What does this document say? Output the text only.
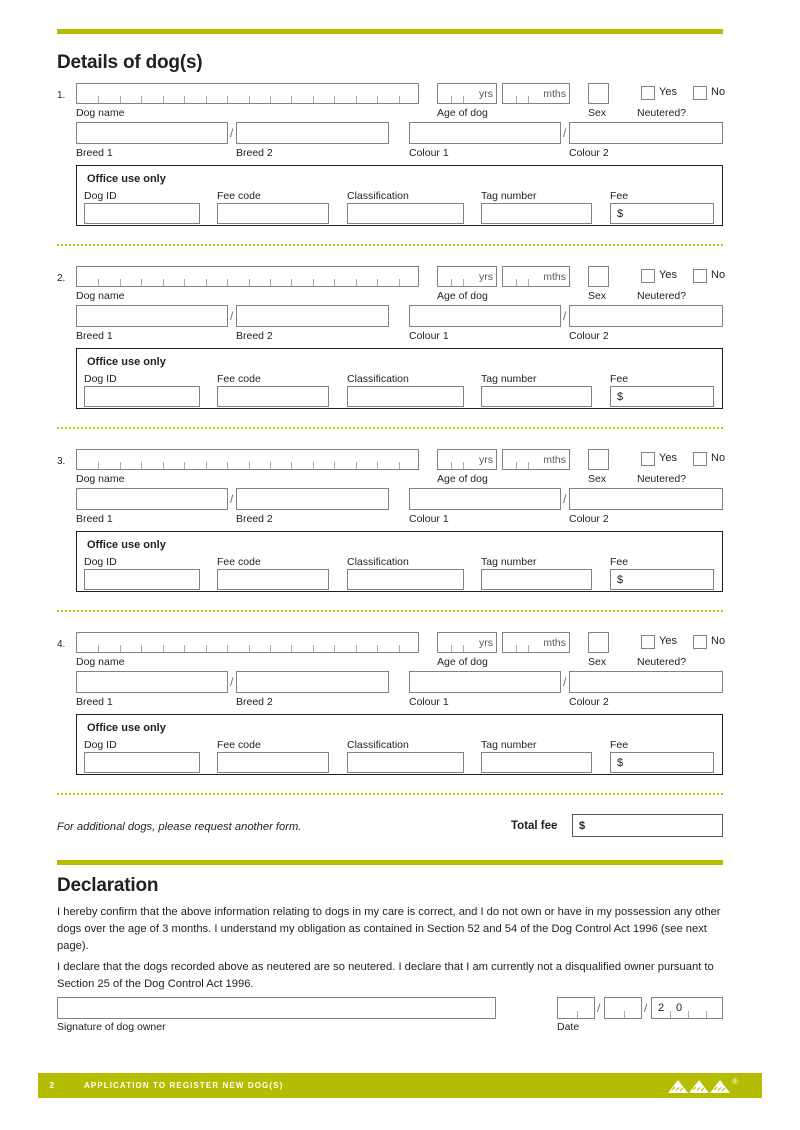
Details of dog(s)
1.
Dog name
yrs	mths
Age of dog	Sex
Yes	No
Neutered?
/
Breed 1	Breed 2
/
Colour 1	Colour 2
Office use only
Dog ID	Fee code	Classification	Tag number	Fee
$
2.
Dog name
yrs	mths
Age of dog	Sex
Yes	No
Neutered?
/
Breed 1	Breed 2
/
Colour 1	Colour 2
Office use only
Dog ID	Fee code	Classification	Tag number	Fee
$
3.
Dog name
yrs	mths
Age of dog	Sex
Yes	No
Neutered?
/
Breed 1	Breed 2
/
Colour 1	Colour 2
Office use only
Dog ID	Fee code	Classification	Tag number	Fee
$
4.
Dog name
yrs	mths
Age of dog	Sex
Yes	No
Neutered?
/
Breed 1	Breed 2
/
Colour 1	Colour 2
Office use only
Dog ID	Fee code	Classification	Tag number	Fee
$
For additional dogs, please request another form.	Total fee $
Declaration
I hereby confirm that the above information relating to dogs in my care is correct, and I do not own or have in my possession any other dogs over the age of 3 months. I understand my obligation as contained in Section 52 and 54 of the Dog Control Act 1996 (see next page).
I declare that the dogs recorded above as neutered are so neutered. I declare that I am currently not a disqualified owner pursuant to Section 25 of the Dog Control Act 1996.
Signature of dog owner
/	/ 2 0
Date
2	APPLICATION TO REGISTER NEW DOG(S)	®
